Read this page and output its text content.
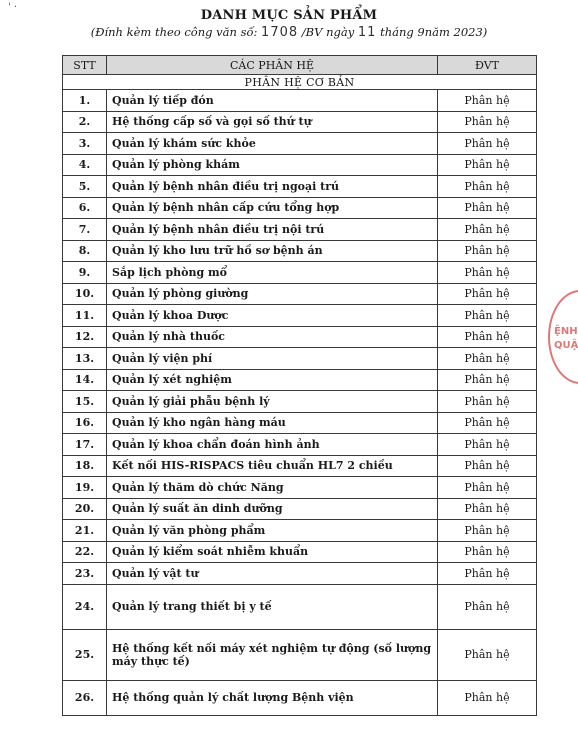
ꞌ ·
DANH MỤC SẢN PHẨM
(Đính kèm theo công văn số: 1708 /BV ngày 11 tháng 9năm 2023)
STT	CÁC PHÂN HỆ	ĐVT
PHÂN HỆ CƠ BẢN		
1.	Quản lý tiếp đón	Phân hệ
2.	Hệ thống cấp số và gọi số thứ tự	Phân hệ
3.	Quản lý khám sức khỏe	Phân hệ
4.	Quản lý phòng khám	Phân hệ
5.	Quản lý bệnh nhân điều trị ngoại trú	Phân hệ
6.	Quản lý bệnh nhân cấp cứu tổng hợp	Phân hệ
7.	Quản lý bệnh nhân điều trị nội trú	Phân hệ
8.	Quản lý kho lưu trữ hồ sơ bệnh án	Phân hệ
9.	Sắp lịch phòng mổ	Phân hệ
10.	Quản lý phòng giường	Phân hệ
11.	Quản lý khoa Dược	Phân hệ
12.	Quản lý nhà thuốc	Phân hệ
13.	Quản lý viện phí	Phân hệ
14.	Quản lý xét nghiệm	Phân hệ
15.	Quản lý giải phẫu bệnh lý	Phân hệ
16.	Quản lý kho ngân hàng máu	Phân hệ
17.	Quản lý khoa chẩn đoán hình ảnh	Phân hệ
18.	Kết nối HIS-RISPACS tiêu chuẩn HL7 2 chiều	Phân hệ
19.	Quản lý thăm dò chức Năng	Phân hệ
20.	Quản lý suất ăn dinh dưỡng	Phân hệ
21.	Quản lý văn phòng phẩm	Phân hệ
22.	Quản lý kiểm soát nhiễm khuẩn	Phân hệ
23.	Quản lý vật tư	Phân hệ
24.	Quản lý trang thiết bị y tế	Phân hệ
25.	Hệ thống kết nối máy xét nghiệm tự động (số lượng máy thực tế)	Phân hệ
26.	Hệ thống quản lý chất lượng Bệnh viện	Phân hệ
ỆNH
QUẬ
